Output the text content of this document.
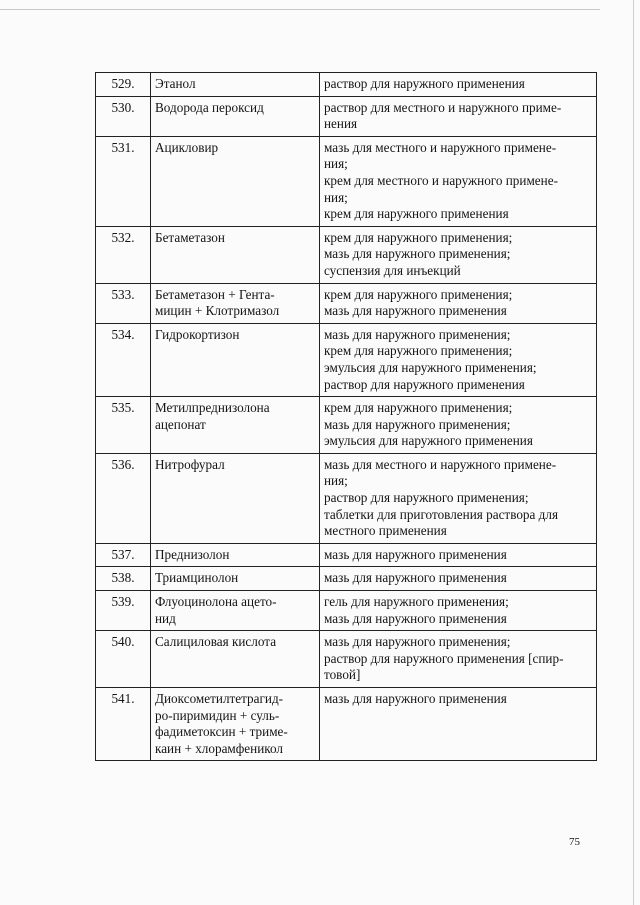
529.	Этанол	раствор для наружного применения

530.	Водорода пероксид	раствор для местного и наружного приме-
нения

531.	Ацикловир	мазь для местного и наружного примене-
ния;
крем для местного и наружного примене-
ния;
крем для наружного применения

532.	Бетаметазон	крем для наружного применения;
мазь для наружного применения;
суспензия для инъекций

533.	Бетаметазон + Гента-
мицин + Клотримазол	крем для наружного применения;
мазь для наружного применения

534.	Гидрокортизон	мазь для наружного применения;
крем для наружного применения;
эмульсия для наружного применения;
раствор для наружного применения

535.	Метилпреднизолона
ацепонат	крем для наружного применения;
мазь для наружного применения;
эмульсия для наружного применения

536.	Нитрофурал	мазь для местного и наружного примене-
ния;
раствор для наружного применения;
таблетки для приготовления раствора для
местного применения

537.	Преднизолон	мазь для наружного применения

538.	Триамцинолон	мазь для наружного применения

539.	Флуоцинолона ацето-
нид	гель для наружного применения;
мазь для наружного применения

540.	Салициловая кислота	мазь для наружного применения;
раствор для наружного применения [спир-
товой]

541.	Диоксометилтетрагид-
ро-пиримидин + суль-
фадиметоксин + триме-
каин + хлорамфеникол	мазь для наружного применения
75
